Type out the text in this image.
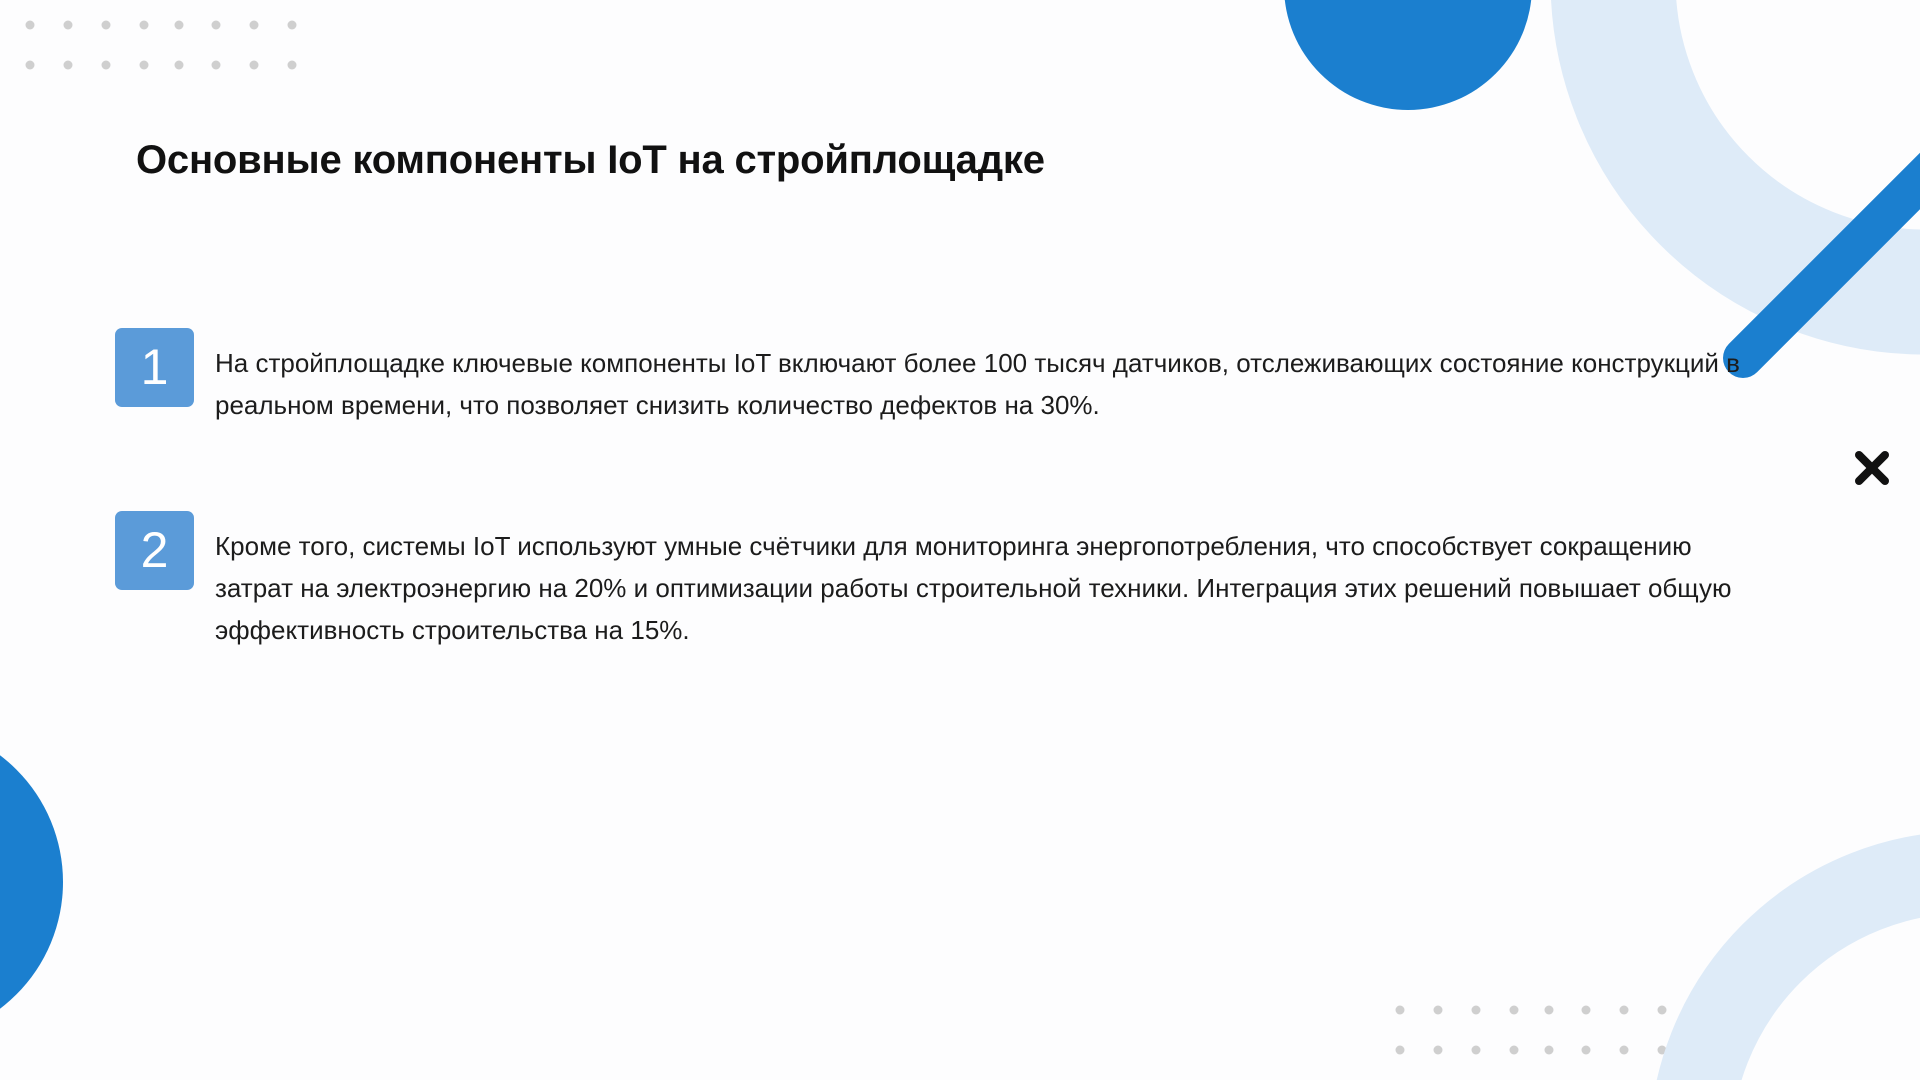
Основные компоненты IoT на стройплощадке
1	На стройплощадке ключевые компоненты IoT включают более 100 тысяч датчиков, отслеживающих состояние конструкций в реальном времени, что позволяет снизить количество дефектов на 30%.

2	Кроме того, системы IoT используют умные счётчики для мониторинга энергопотребления, что способствует сокращению затрат на электроэнергию на 20% и оптимизации работы строительной техники. Интеграция этих решений повышает общую эффективность строительства на 15%.
